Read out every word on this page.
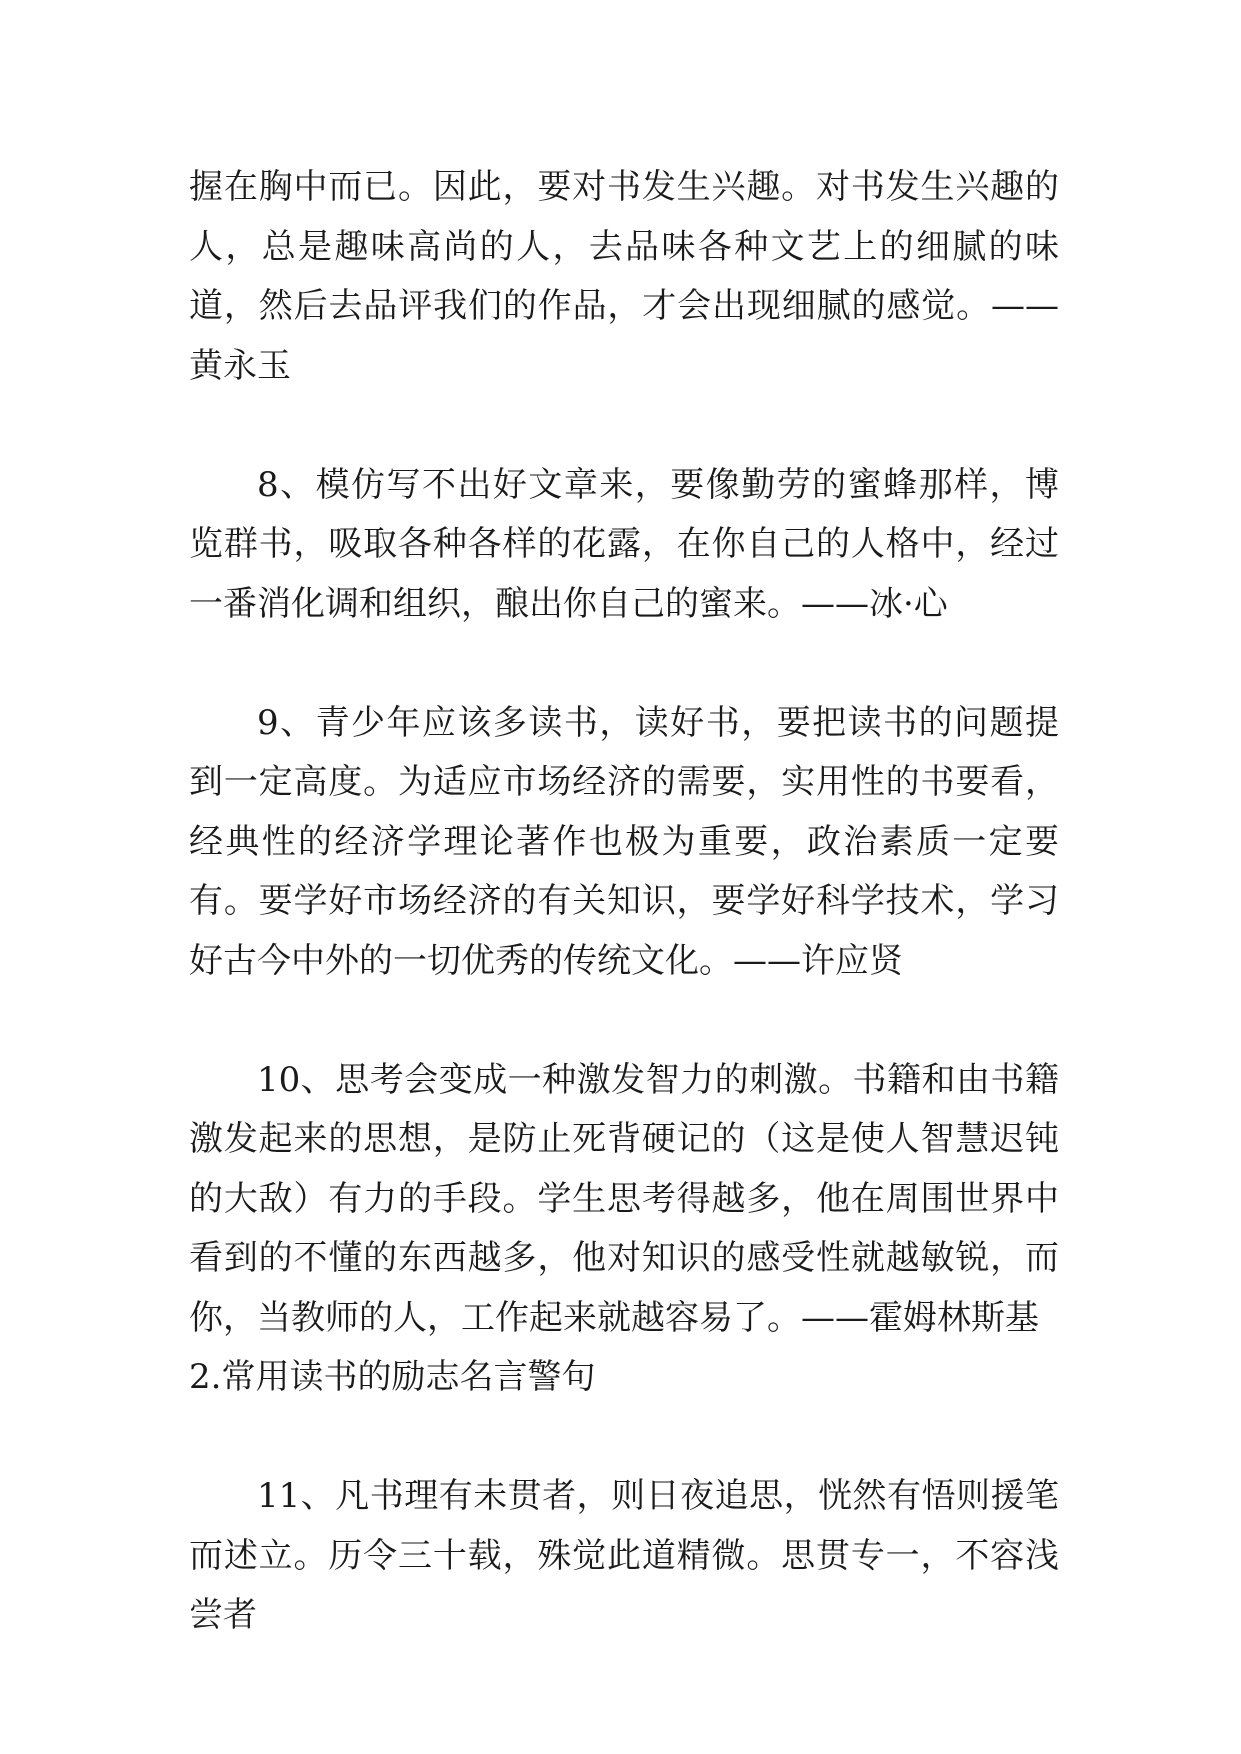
握在胸中而已。因此，要对书发生兴趣。对书发生兴趣的人，总是趣味高尚的人，去品味各种文艺上的细腻的味道，然后去品评我们的作品，才会出现细腻的感觉。——黄永玉

8、模仿写不出好文章来，要像勤劳的蜜蜂那样，博览群书，吸取各种各样的花露，在你自己的人格中，经过一番消化调和组织，酿出你自己的蜜来。——冰·心

9、青少年应该多读书，读好书，要把读书的问题提到一定高度。为适应市场经济的需要，实用性的书要看，经典性的经济学理论著作也极为重要，政治素质一定要有。要学好市场经济的有关知识，要学好科学技术，学习好古今中外的一切优秀的传统文化。——许应贤

10、思考会变成一种激发智力的刺激。书籍和由书籍激发起来的思想，是防止死背硬记的（这是使人智慧迟钝的大敌）有力的手段。学生思考得越多，他在周围世界中看到的不懂的东西越多，他对知识的感受性就越敏锐，而你，当教师的人，工作起来就越容易了。——霍姆林斯基

2.常用读书的励志名言警句

11、凡书理有未贯者，则日夜追思，恍然有悟则援笔而述立。历令三十载，殊觉此道精微。思贯专一，不容浅尝者
